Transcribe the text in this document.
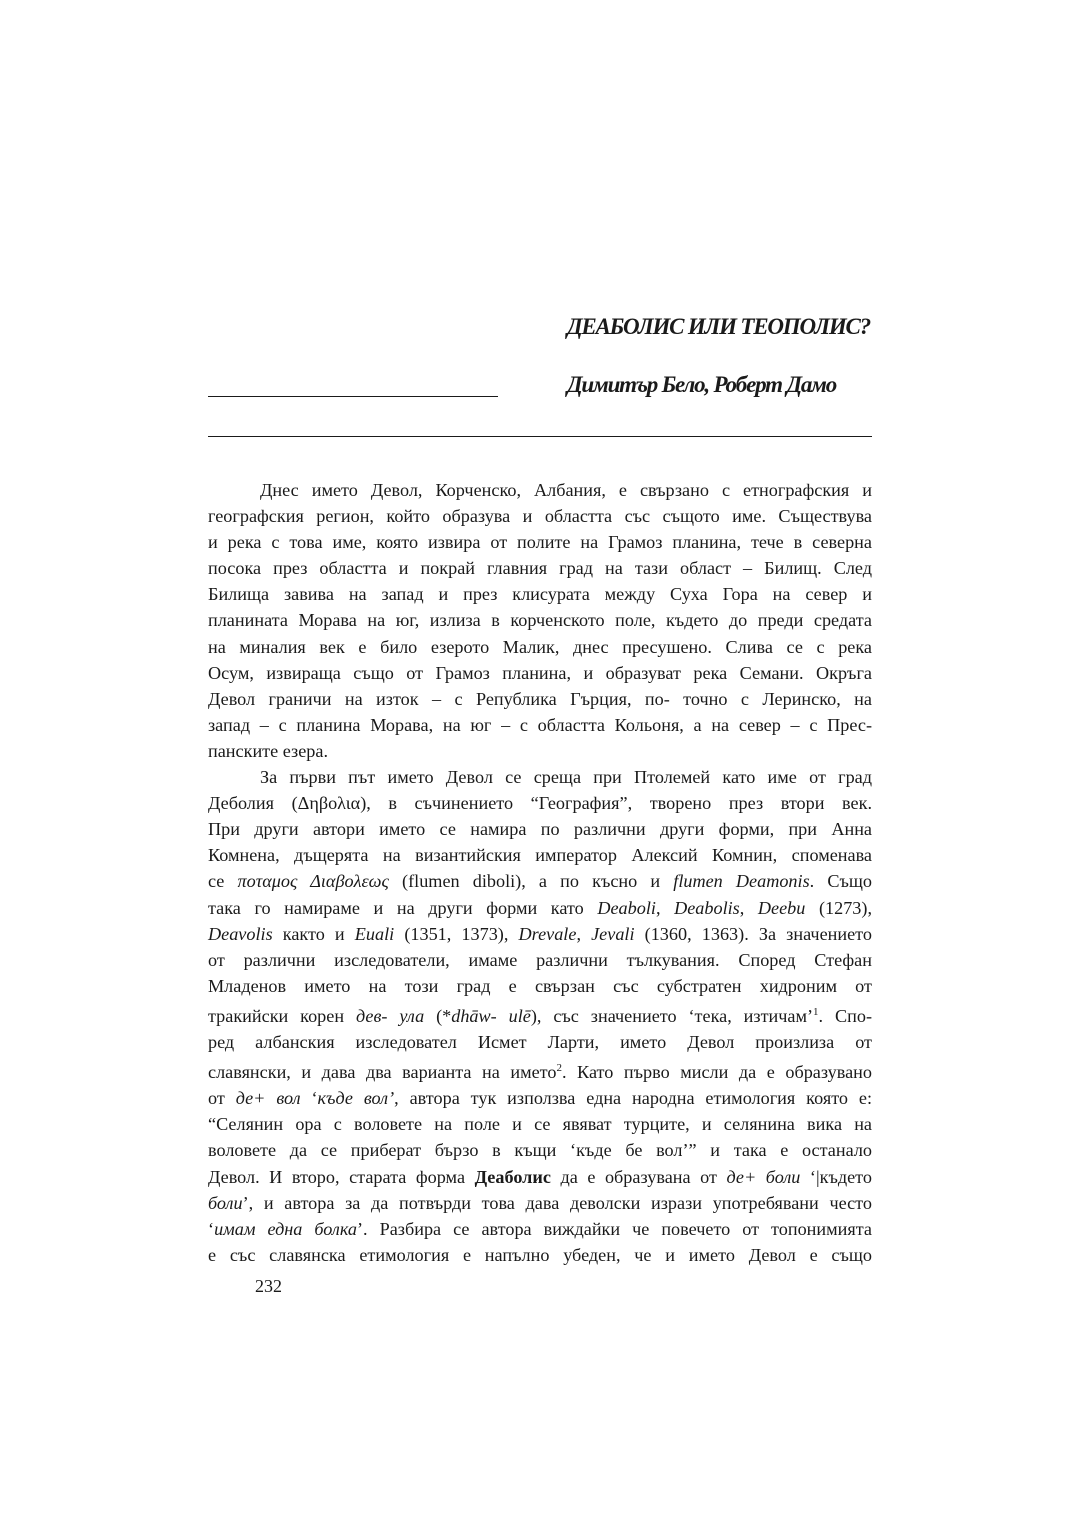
ДЕАБОЛИС ИЛИ ТЕОПОЛИС?
Димитър Бело, Роберт Дамо

Днес името Девол, Корченско, Албания, е свързано с етнографския и
географския регион, който образува и областта със същото име. Съществува
и река с това име, която извира от полите на Грамоз планина, тече в северна
посока през областта и покрай главния град на тази област – Билищ. След
Билища завива на запад и през клисурата между Суха Гора на север и
планината Морава на юг, излиза в корченското поле, където до преди средата
на миналия век е било езерото Малик, днес пресушено. Слива се с река
Осум, извираща също от Грамоз планина, и образуват река Семани. Окръга
Девол граничи на изток – с Република Гърция, по- точно с Леринско, на
запад – с планина Морава, на юг – с областта Кольоня, а на север – с Прес-
панските езера.

За първи път името Девол се среща при Птолемей като име от град
Деболия (Δηβολια), в съчинението “География”, творено през втори век.
При други автори името се намира по различни други форми, при Анна
Комнена, дъщерята на византийския император Алексий Комнин, споменава
се ποταμος Διαβολεως (flumen diboli), а по късно и flumen Deamonis. Също
така го намираме и на други форми като Deaboli, Deabolis, Deebu (1273),
Deavolis както и Euali (1351, 1373), Drevale, Jevali (1360, 1363). За значението
от различни изследователи, имаме различни тълкувания. Според Стефан
Младенов името на този град е свързан със субстратен хидроним от
тракийски корен дев- ула (*dhāw- ulē), със значението ‘тека, изтичам’$^1$. Спо-
ред албанския изследовател Исмет Ларти, името Девол произлиза от
славянски, и дава два варианта на името$^2$. Като първо мисли да е образувано
от де+ вол ‘къде вол’, автора тук използва една народна етимология която е:
“Селянин ора с воловете на поле и се явяват турците, и селянина вика на
воловете да се приберат бързо в къщи ‘къде бе вол’” и така е останало
Девол. И второ, старата форма Деаболис да е образувана от де+ боли ‘|където
боли’, и автора за да потвърди това дава деволски изрази употребявани често
‘имам една болка’. Разбира се автора виждайки че повечето от топонимията
е със славянска етимология е напълно убеден, че и името Девол е също

232
